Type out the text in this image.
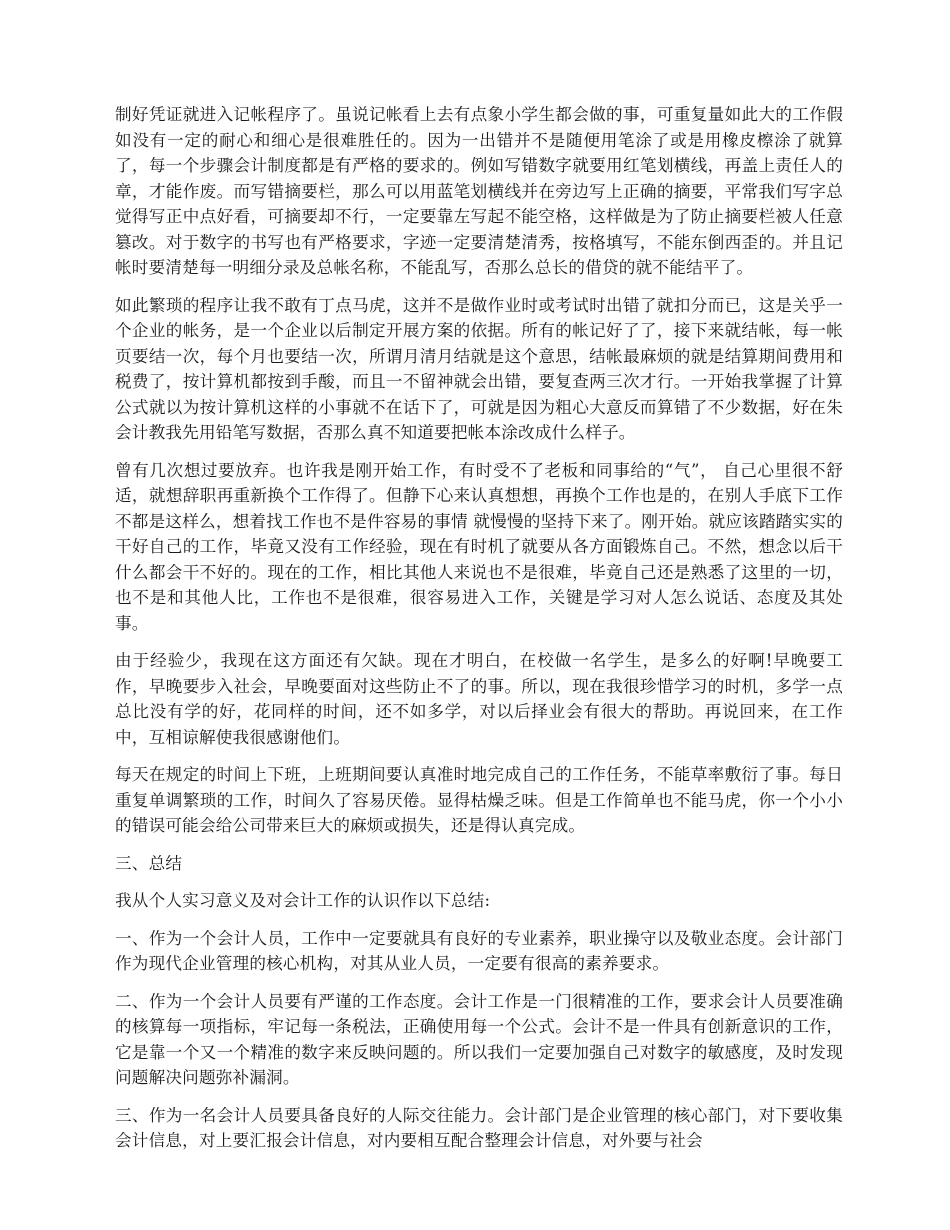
制好凭证就进入记帐程序了。虽说记帐看上去有点象小学生都会做的事，可重复量如此大的工作假如没有一定的耐心和细心是很难胜任的。因为一出错并不是随便用笔涂了或是用橡皮檫涂了就算了，每一个步骤会计制度都是有严格的要求的。例如写错数字就要用红笔划横线，再盖上责任人的章，才能作废。而写错摘要栏，那么可以用蓝笔划横线并在旁边写上正确的摘要，平常我们写字总觉得写正中点好看，可摘要却不行，一定要靠左写起不能空格，这样做是为了防止摘要栏被人任意篡改。对于数字的书写也有严格要求，字迹一定要清楚清秀，按格填写，不能东倒西歪的。并且记帐时要清楚每一明细分录及总帐名称，不能乱写，否那么总长的借贷的就不能结平了。

如此繁琐的程序让我不敢有丁点马虎，这并不是做作业时或考试时出错了就扣分而已，这是关乎一个企业的帐务，是一个企业以后制定开展方案的依据。所有的帐记好了了，接下来就结帐，每一帐页要结一次，每个月也要结一次，所谓月清月结就是这个意思，结帐最麻烦的就是结算期间费用和税费了，按计算机都按到手酸，而且一不留神就会出错，要复查两三次才行。一开始我掌握了计算公式就以为按计算机这样的小事就不在话下了，可就是因为粗心大意反而算错了不少数据，好在朱会计教我先用铅笔写数据，否那么真不知道要把帐本涂改成什么样子。

曾有几次想过要放弃。也许我是刚开始工作，有时受不了老板和同事给的“气”， 自己心里很不舒适，就想辞职再重新换个工作得了。但静下心来认真想想，再换个工作也是的，在别人手底下工作不都是这样么，想着找工作也不是件容易的事情 就慢慢的坚持下来了。刚开始。就应该踏踏实实的干好自己的工作，毕竟又没有工作经验，现在有时机了就要从各方面锻炼自己。不然，想念以后干什么都会干不好的。现在的工作，相比其他人来说也不是很难，毕竟自己还是熟悉了这里的一切，也不是和其他人比，工作也不是很难，很容易进入工作，关键是学习对人怎么说话、态度及其处事。

由于经验少，我现在这方面还有欠缺。现在才明白，在校做一名学生，是多么的好啊!早晚要工作，早晚要步入社会，早晚要面对这些防止不了的事。所以，现在我很珍惜学习的时机，多学一点总比没有学的好，花同样的时间，还不如多学，对以后择业会有很大的帮助。再说回来，在工作中，互相谅解使我很感谢他们。

每天在规定的时间上下班，上班期间要认真准时地完成自己的工作任务，不能草率敷衍了事。每日重复单调繁琐的工作，时间久了容易厌倦。显得枯燥乏味。但是工作简单也不能马虎，你一个小小的错误可能会给公司带来巨大的麻烦或损失，还是得认真完成。

三、总结

我从个人实习意义及对会计工作的认识作以下总结:

一、作为一个会计人员，工作中一定要就具有良好的专业素养，职业操守以及敬业态度。会计部门作为现代企业管理的核心机构，对其从业人员，一定要有很高的素养要求。

二、作为一个会计人员要有严谨的工作态度。会计工作是一门很精准的工作，要求会计人员要准确的核算每一项指标，牢记每一条税法，正确使用每一个公式。会计不是一件具有创新意识的工作，它是靠一个又一个精准的数字来反映问题的。所以我们一定要加强自己对数字的敏感度，及时发现问题解决问题弥补漏洞。

三、作为一名会计人员要具备良好的人际交往能力。会计部门是企业管理的核心部门，对下要收集会计信息，对上要汇报会计信息，对内要相互配合整理会计信息，对外要与社会
